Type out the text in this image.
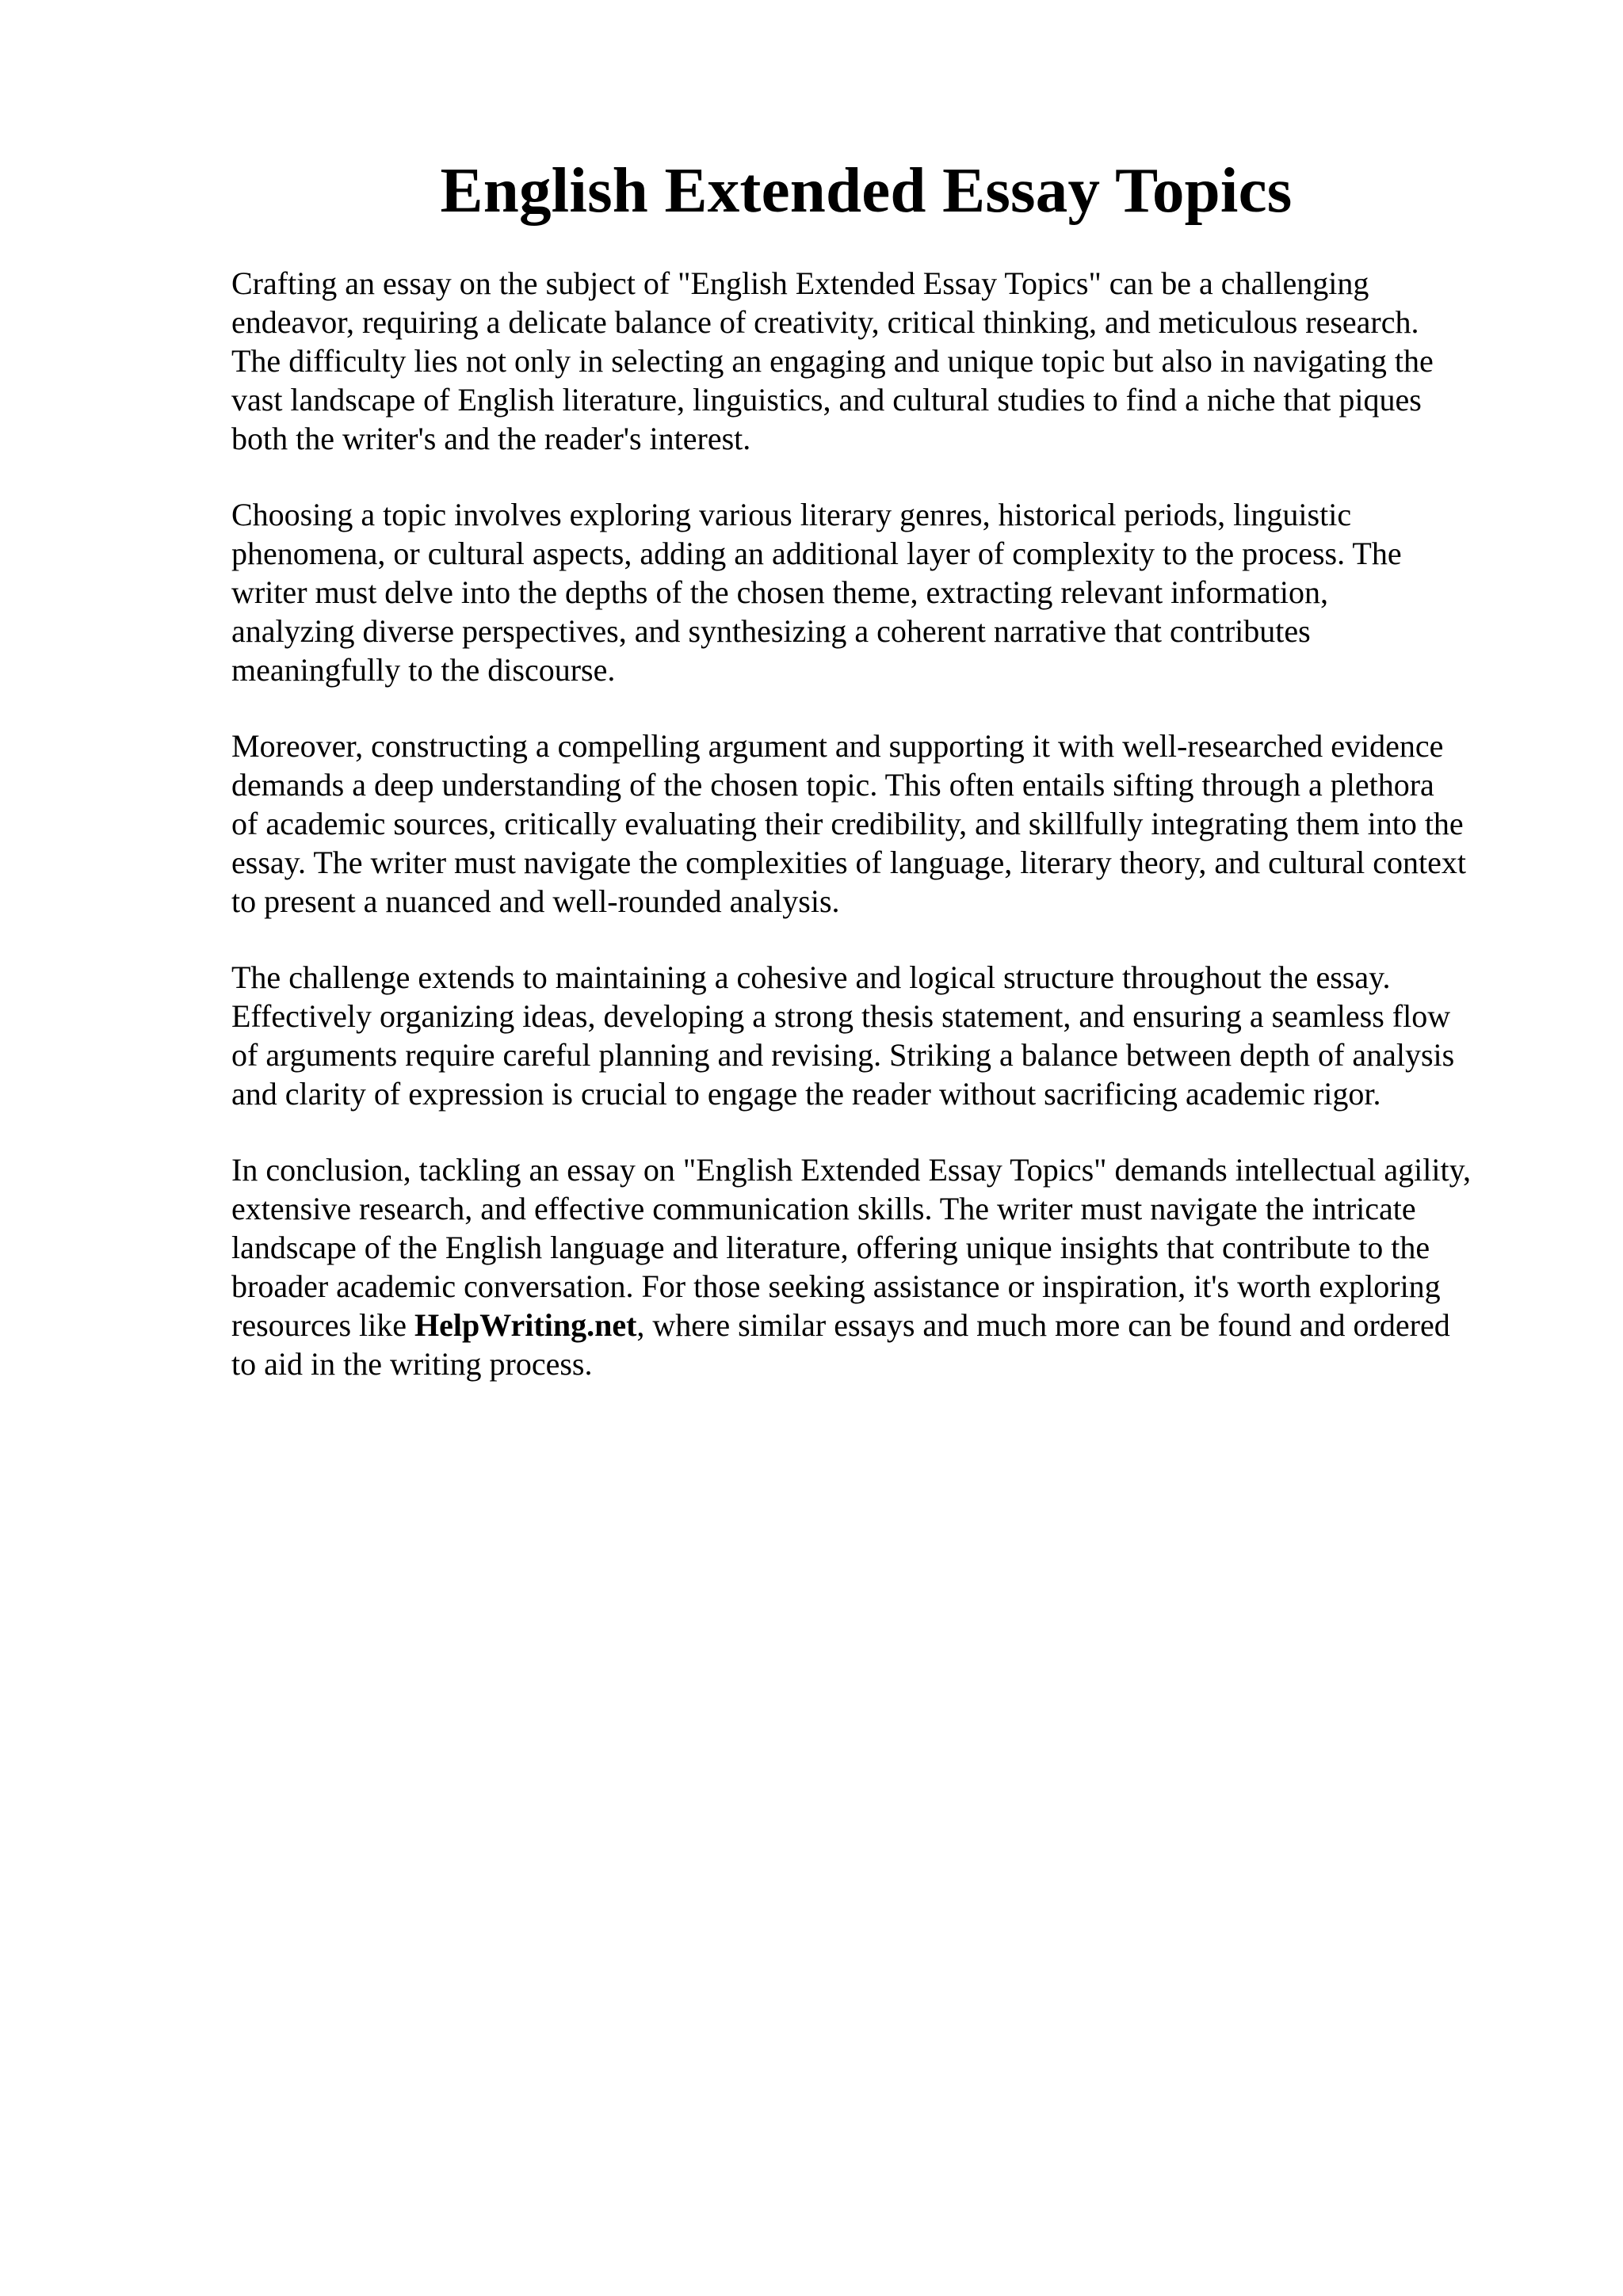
English Extended Essay Topics

Crafting an essay on the subject of "English Extended Essay Topics" can be a challenging
endeavor, requiring a delicate balance of creativity, critical thinking, and meticulous research.
The difficulty lies not only in selecting an engaging and unique topic but also in navigating the
vast landscape of English literature, linguistics, and cultural studies to find a niche that piques
both the writer's and the reader's interest.

Choosing a topic involves exploring various literary genres, historical periods, linguistic
phenomena, or cultural aspects, adding an additional layer of complexity to the process. The
writer must delve into the depths of the chosen theme, extracting relevant information,
analyzing diverse perspectives, and synthesizing a coherent narrative that contributes
meaningfully to the discourse.

Moreover, constructing a compelling argument and supporting it with well-researched evidence
demands a deep understanding of the chosen topic. This often entails sifting through a plethora
of academic sources, critically evaluating their credibility, and skillfully integrating them into the
essay. The writer must navigate the complexities of language, literary theory, and cultural context
to present a nuanced and well-rounded analysis.

The challenge extends to maintaining a cohesive and logical structure throughout the essay.
Effectively organizing ideas, developing a strong thesis statement, and ensuring a seamless flow
of arguments require careful planning and revising. Striking a balance between depth of analysis
and clarity of expression is crucial to engage the reader without sacrificing academic rigor.

In conclusion, tackling an essay on "English Extended Essay Topics" demands intellectual agility,
extensive research, and effective communication skills. The writer must navigate the intricate
landscape of the English language and literature, offering unique insights that contribute to the
broader academic conversation. For those seeking assistance or inspiration, it's worth exploring
resources like HelpWriting.net, where similar essays and much more can be found and ordered
to aid in the writing process.
